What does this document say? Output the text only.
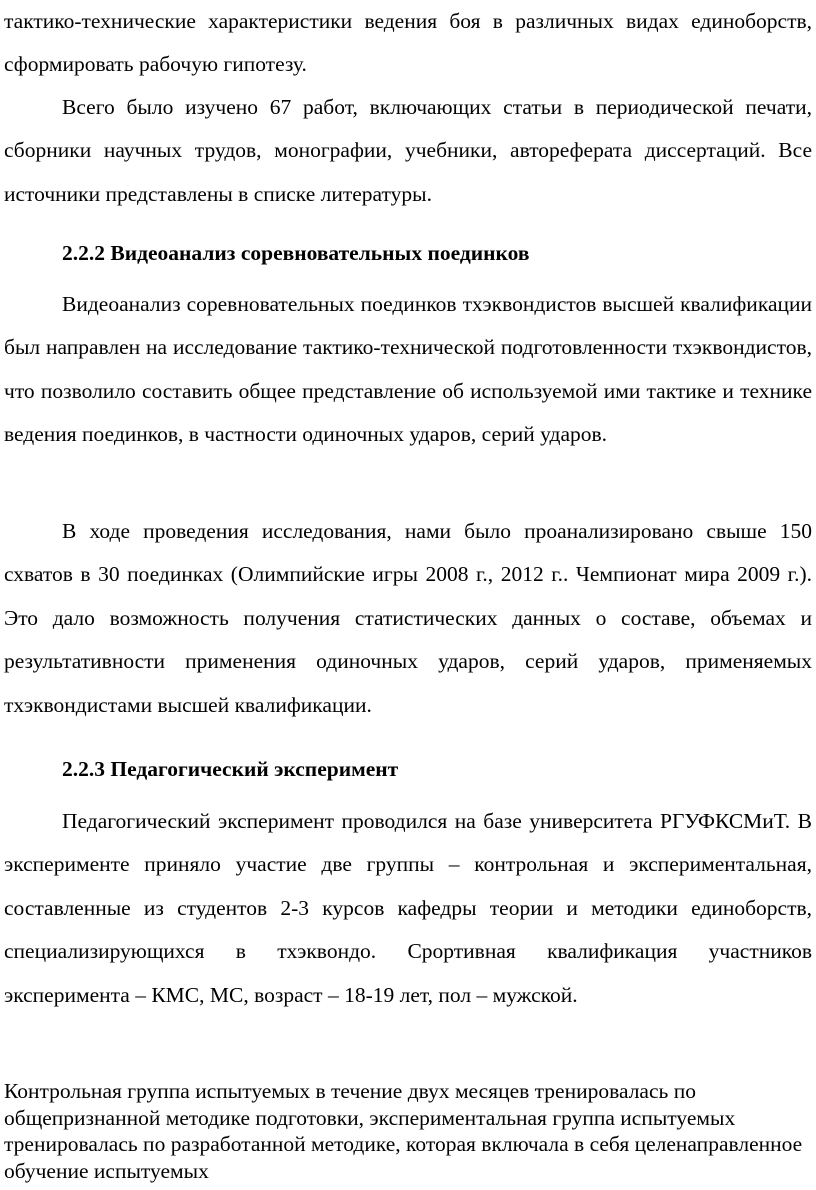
тактико-технические характеристики ведения боя в различных видах единоборств, сформировать рабочую гипотезу.

Всего было изучено 67 работ, включающих статьи в периодической печати, сборники научных трудов, монографии, учебники, автореферата диссертаций. Все источники представлены в списке литературы.

2.2.2 Видеоанализ соревновательных поединков

Видеоанализ соревновательных поединков тхэквондистов высшей квалификации был направлен на исследование тактико-технической подготовленности тхэквондистов, что позволило составить общее представление об используемой ими тактике и технике ведения поединков, в частности одиночных ударов, серий ударов.

В ходе проведения исследования, нами было проанализировано свыше 150 схватов в 30 поединках (Олимпийские игры 2008 г., 2012 г.. Чемпионат мира 2009 г.). Это дало возможность получения статистических данных о составе, объемах и результативности применения одиночных ударов, серий ударов, применяемых тхэквондистами высшей квалификации.

2.2.3 Педагогический эксперимент

Педагогический эксперимент проводился на базе университета РГУФКСМиТ. В эксперименте приняло участие две группы – контрольная и экспериментальная, составленные из студентов 2-3 курсов кафедры теории и методики единоборств, специализирующихся в тхэквондо. Срортивная квалификация участников эксперимента – КМС, МС, возраст – 18-19 лет, пол – мужской.

Контрольная группа испытуемых в течение двух месяцев тренировалась по общепризнанной методике подготовки, экспериментальная группа испытуемых тренировалась по разработанной методике, которая включала в себя целенаправленное обучение испытуемых
